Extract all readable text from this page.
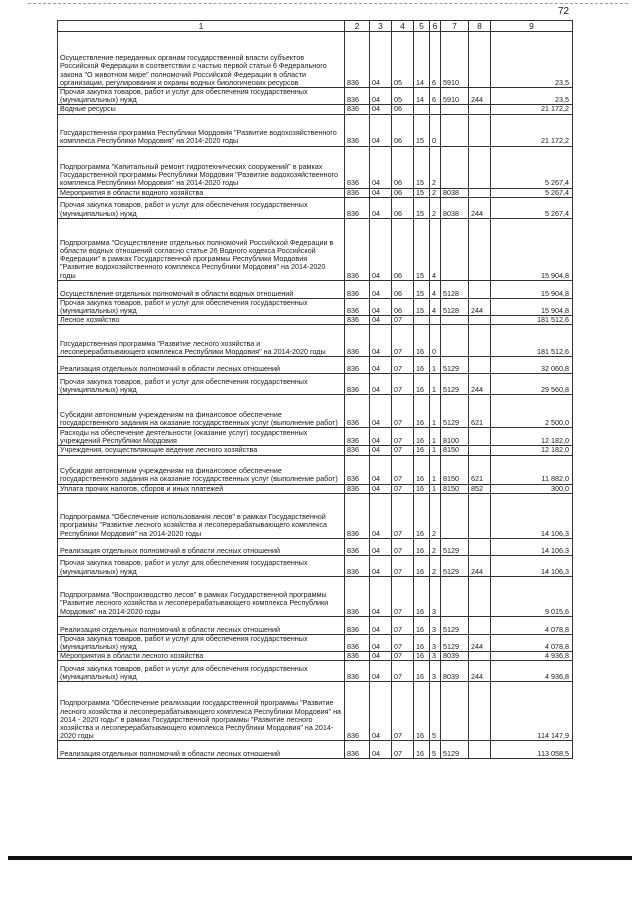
72
1	2	3	4	5	6	7	8	9
Осуществление переданных органам государственной власти субъектов Российской Федерации в соответствии с частью первой статьи 6 Федерального закона "О животном мире" полномочий Российской Федерации в области организации, регулирования и охраны водных биологических ресурсов	836	04	05	14	6	5910		23,5
Прочая закупка товаров, работ и услуг для обеспечения государственных (муниципальных) нужд	836	04	05	14	6	5910	244	23,5
Водные ресурсы	836	04	06					21 172,2
Государственная программа Республики Мордовия "Развитие водохозяйственного комплекса Республики Мордовия" на 2014-2020 годы	836	04	06	15	0			21 172,2
Подпрограмма "Капитальный ремонт гидротехнических сооружений" в рамках Государственной программы Республики Мордовия "Развитие водохозяйственного комплекса Республики Мордовия" на 2014-2020 годы	836	04	06	15	2			5 267,4
Мероприятия в области водного хозяйства	836	04	06	15	2	8038		5 267,4
Прочая закупка товаров, работ и услуг для обеспечения государственных (муниципальных) нужд	836	04	06	15	2	8038	244	5 267,4
Подпрограмма "Осуществление отдельных полномочий Российской Федерации в области водных отношений согласно статье 26 Водного кодекса Российской Федерации" в рамках Государственной программы Республики Мордовия "Развитие водохозяйственного комплекса Республики Мордовия" на 2014-2020 годы	836	04	06	15	4			15 904,8
Осуществление отдельных полномочий в области водных отношений	836	04	06	15	4	5128		15 904,8
Прочая закупка товаров, работ и услуг для обеспечения государственных (муниципальных) нужд	836	04	06	15	4	5128	244	15 904,8
Лесное хозяйство	836	04	07					181 512,6
Государственная программа "Развитие лесного хозяйства и лесоперерабатывающего комплекса Республики Мордовия" на 2014-2020 годы	836	04	07	16	0			181 512,6
Реализация отдельных полномочий в области лесных отношений	836	04	07	16	1	5129		32 060,8
Прочая закупка товаров, работ и услуг для обеспечения государственных (муниципальных) нужд	836	04	07	16	1	5129	244	29 560,8
Субсидии автономным учреждениям на финансовое обеспечение государственного задания на оказание государственных услуг (выполнение работ)	836	04	07	16	1	5129	621	2 500,0
Расходы на обеспечение деятельности (оказание услуг) государственных учреждений Республики Мордовия	836	04	07	16	1	8100		12 182,0
Учреждения, осуществляющие ведение лесного хозяйства	836	04	07	16	1	8150		12 182,0
Субсидии автономным учреждениям на финансовое обеспечение государственного задания на оказание государственных услуг (выполнение работ)	836	04	07	16	1	8150	621	11 882,0
Уплата прочих налогов, сборов и иных платежей	836	04	07	16	1	8150	852	300,0
Подпрограмма "Обеспечение использования лесов" в рамках Государственной программы "Развитие лесного хозяйства и лесоперерабатывающего комплекса Республики Мордовия" на 2014-2020 годы	836	04	07	16	2			14 106,3
Реализация отдельных полномочий в области лесных отношений	836	04	07	16	2	5129		14 106,3
Прочая закупка товаров, работ и услуг для обеспечения государственных (муниципальных) нужд	836	04	07	16	2	5129	244	14 106,3
Подпрограмма "Воспроизводство лесов" в рамках Государственной программы "Развитие лесного хозяйства и лесоперерабатывающего комплекса Республики Мордовия" на 2014-2020 годы	836	04	07	16	3			9 015,6
Реализация отдельных полномочий в области лесных отношений	836	04	07	16	3	5129		4 078,8
Прочая закупка товаров, работ и услуг для обеспечения государственных (муниципальных) нужд	836	04	07	16	3	5129	244	4 078,8
Мероприятия в области лесного хозяйства	836	04	07	16	3	8039		4 936,8
Прочая закупка товаров, работ и услуг для обеспечения государственных (муниципальных) нужд	836	04	07	16	3	8039	244	4 936,8
Подпрограмма "Обеспечение реализации государственной программы "Развитие лесного хозяйства и лесоперерабатывающего комплекса Республики Мордовия" на 2014 - 2020 годы" в рамках Государственной программы "Развитие лесного хозяйства и лесоперерабатывающего комплекса Республики Мордовия" на 2014-2020 годы	836	04	07	16	5			114 147,9
Реализация отдельных полномочий в области лесных отношений	836	04	07	16	5	5129		113 058,5
